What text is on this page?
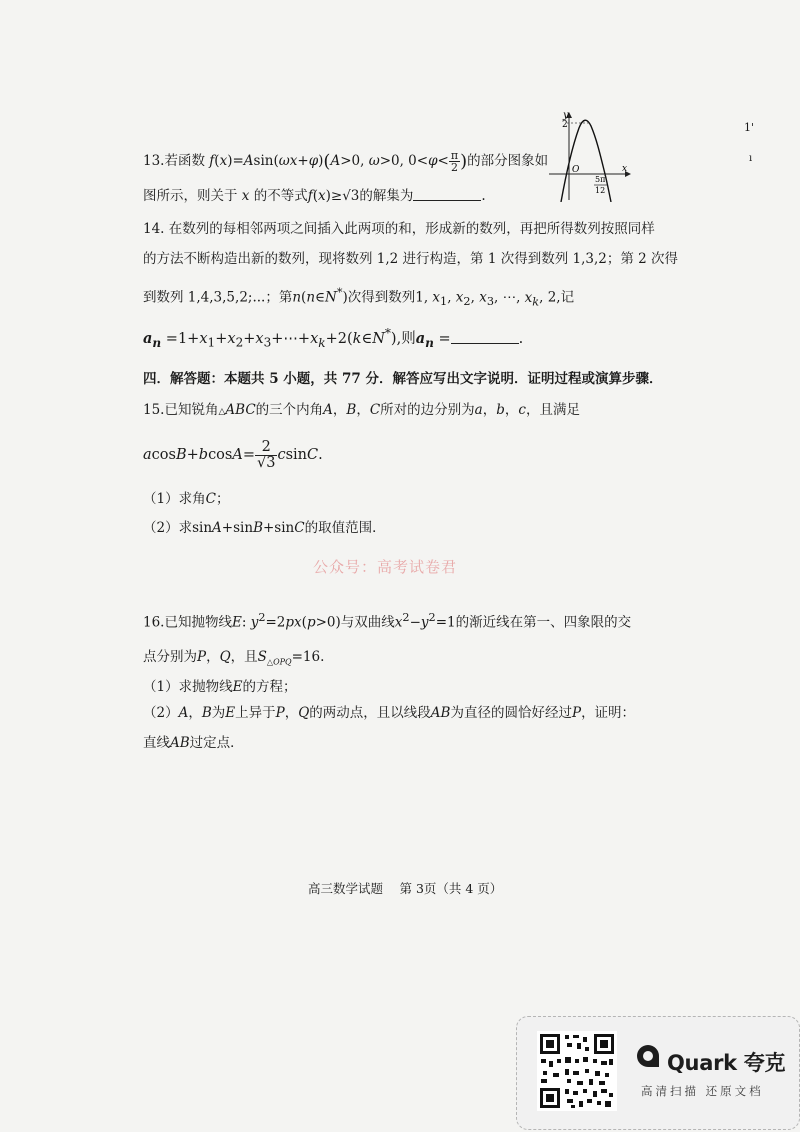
13.若函数 f(x)=Asin(ωx+φ)(A>0, ω>0, $0<\varphi< \frac{\pi}{2}$ )的部分图象如
图所示，则关于 x 的不等式f(x)≥√3的解集为	.
y
2
O	x
5π
12
1'
ı
14. 在数列的每相邻两项之间插入此两项的和，形成新的数列，再把所得数列按照同样
的方法不断构造出新的数列，现将数列 1,2 进行构造，第 1 次得到数列 1,3,2；第 2 次得
到数列 1,4,3,5,2;...；第n(n∈N*)次得到数列1, $x_1$, $x_2$, $x_3$, ⋯, $x_k$, 2,记
$a_n$ $=1+x_1+x_2+x_3+\cdots+x_k+2(k\in N^*)$,则$a_n$ =	.
四．解答题：本题共 5 小题，共 77 分．解答应写出文字说明．证明过程或演算步骤．
15.已知锐角△ABC的三个内角A，B，C所对的边分别为a，b，c，且满足
$acosB+bcosA= \frac{2}{√3} csinC$.
（1）求角C；
（2）求sinA+sinB+sinC的取值范围．
公众号：高考试卷君
16.已知抛物线E: $y^2=2px(p>0)$与双曲线$x^2-y^2=1$的渐近线在第一、四象限的交
点分别为P，Q，且$S_{\triangle OPQ}=16$.
（1）求抛物线E的方程；
（2）A，B为E上异于P，Q的两动点，且以线段AB为直径的圆恰好经过P，证明：
直线AB过定点．
高三数学试题　 第 3页（共 4 页）
Quark 夸克
高清扫描 还原文档
